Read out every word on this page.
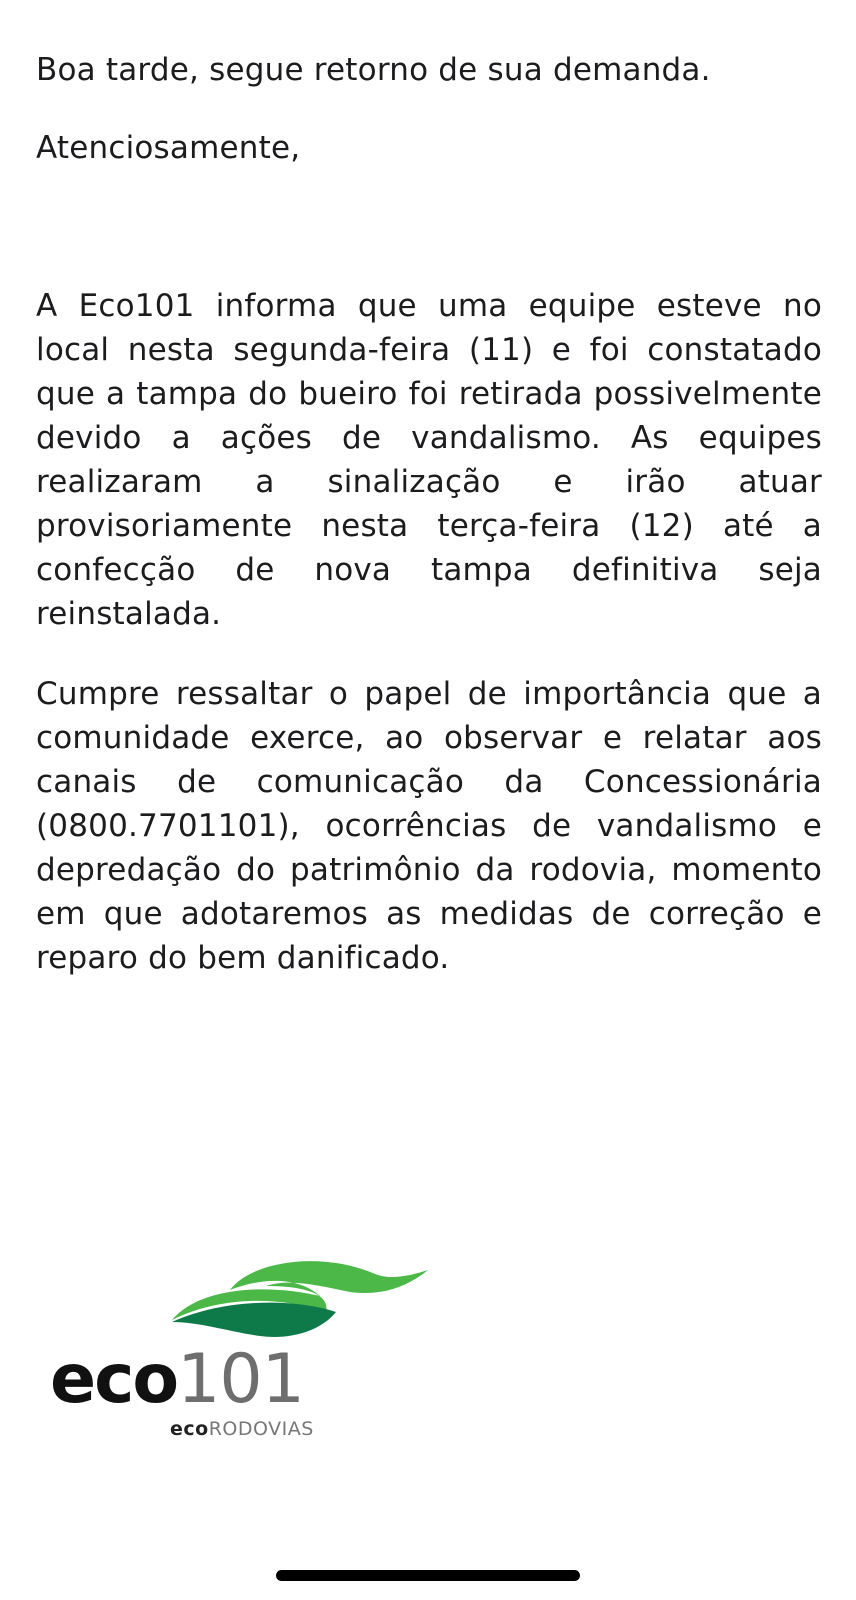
Boa tarde, segue retorno de sua demanda.

Atenciosamente,

A Eco101 informa que uma equipe esteve no local nesta segunda-feira (11) e foi constatado que a tampa do bueiro foi retirada possivelmente devido a ações de vandalismo. As equipes realizaram a sinalização e irão atuar provisoriamente nesta terça-feira (12) até a confecção de nova tampa definitiva seja reinstalada.

Cumpre ressaltar o papel de importância que a comunidade exerce, ao observar e relatar aos canais de comunicação da Concessionária (0800.7701101), ocorrências de vandalismo e depredação do patrimônio da rodovia, momento em que adotaremos as medidas de correção e reparo do bem danificado.

eco101
ecoRODOVIAS
